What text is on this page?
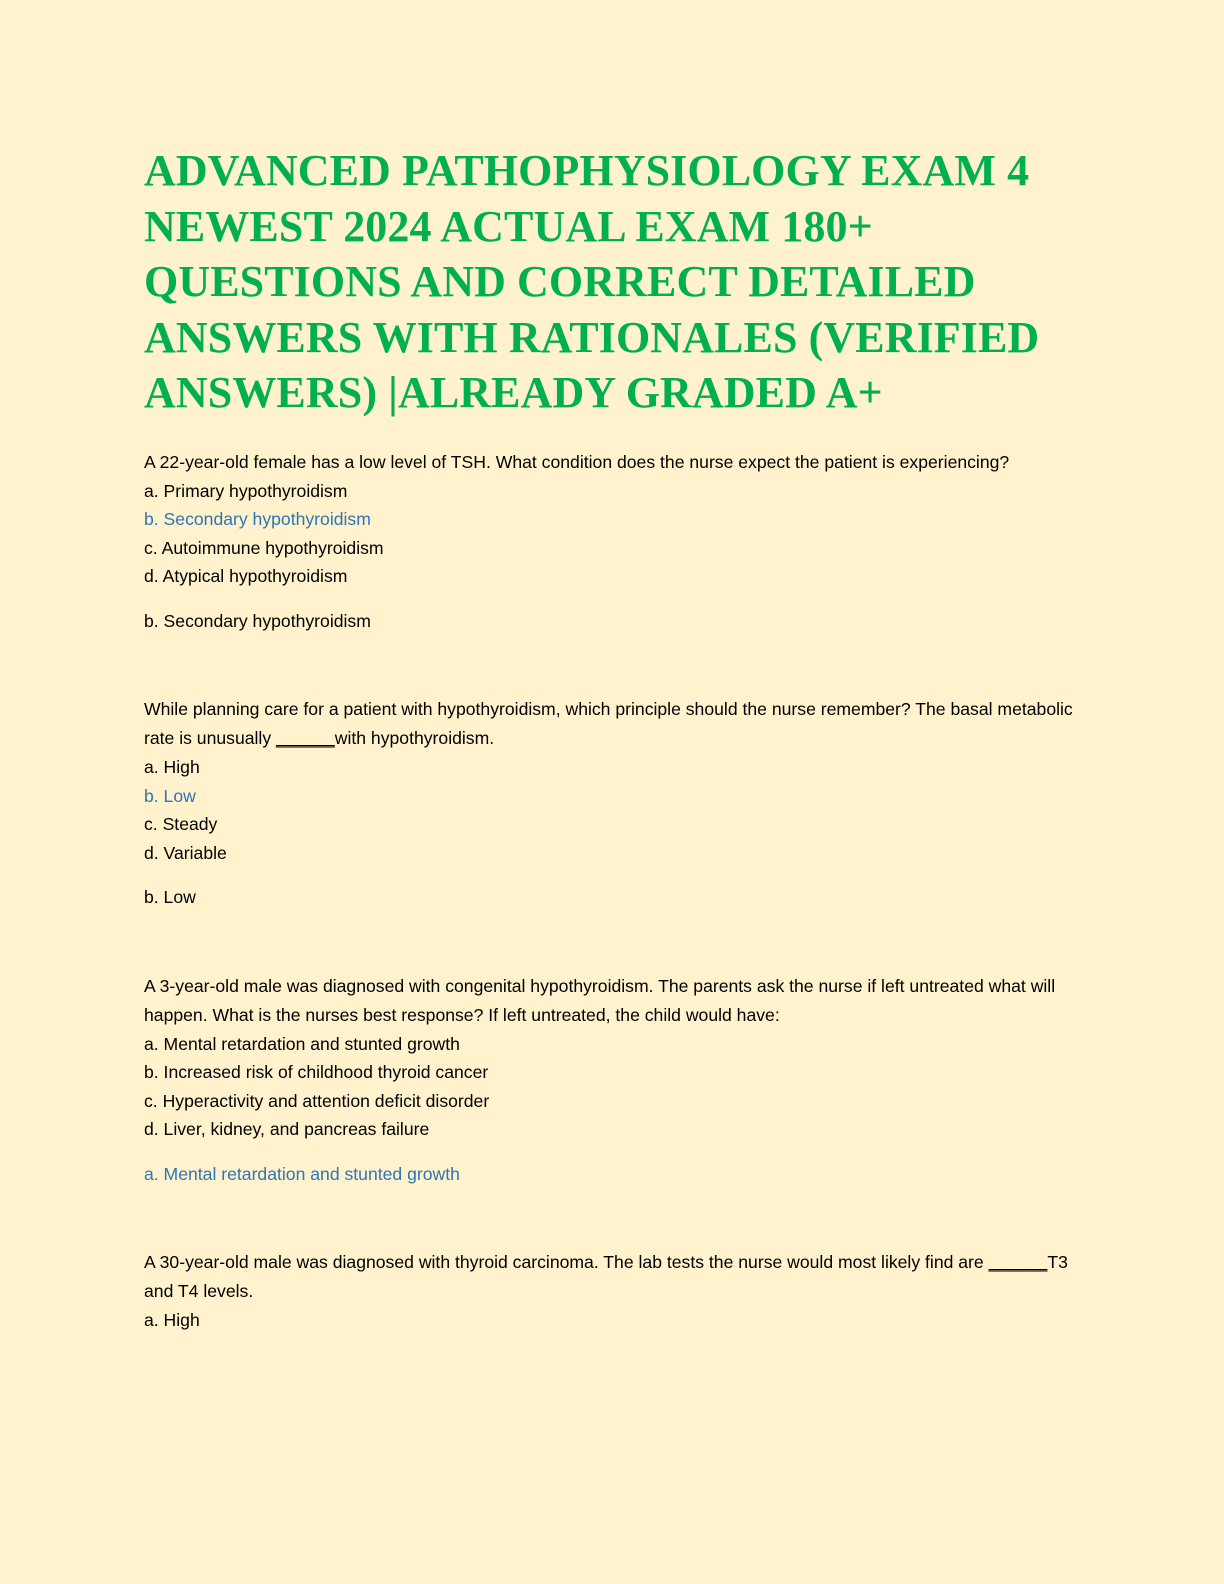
ADVANCED PATHOPHYSIOLOGY EXAM 4 NEWEST 2024 ACTUAL EXAM 180+ QUESTIONS AND CORRECT DETAILED ANSWERS WITH RATIONALES (VERIFIED ANSWERS) |ALREADY GRADED A+

A 22-year-old female has a low level of TSH. What condition does the nurse expect the patient is experiencing?

a. Primary hypothyroidism

b. Secondary hypothyroidism

c. Autoimmune hypothyroidism

d. Atypical hypothyroidism

b. Secondary hypothyroidism

While planning care for a patient with hypothyroidism, which principle should the nurse remember? The basal metabolic rate is unusually ______with hypothyroidism.

a. High

b. Low

c. Steady

d. Variable

b. Low

A 3-year-old male was diagnosed with congenital hypothyroidism. The parents ask the nurse if left untreated what will happen. What is the nurses best response? If left untreated, the child would have:

a. Mental retardation and stunted growth

b. Increased risk of childhood thyroid cancer

c. Hyperactivity and attention deficit disorder

d. Liver, kidney, and pancreas failure

a. Mental retardation and stunted growth

A 30-year-old male was diagnosed with thyroid carcinoma. The lab tests the nurse would most likely find are ______T3 and T4 levels.

a. High
